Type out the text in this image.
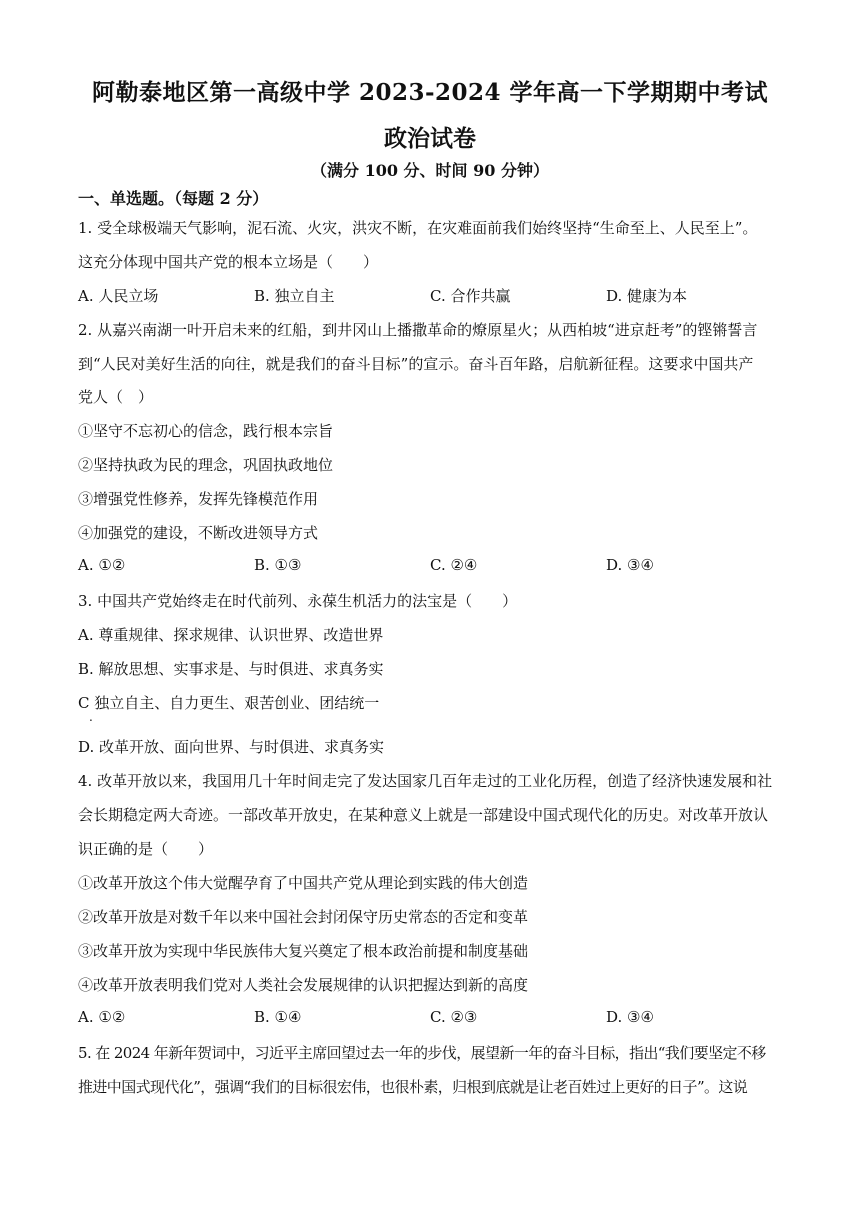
阿勒泰地区第一高级中学 2023-2024 学年高一下学期期中考试
政治试卷
（满分 100 分、时间 90 分钟）
一、单选题。（每题 2 分）
1. 受全球极端天气影响，泥石流、火灾，洪灾不断，在灾难面前我们始终坚持“生命至上、人民至上”。
这充分体现中国共产党的根本立场是（　　）
A. 人民立场	B. 独立自主	C. 合作共赢	D. 健康为本
2. 从嘉兴南湖一叶开启未来的红船，到井冈山上播撒革命的燎原星火；从西柏坡“进京赶考”的铿锵誓言
到“人民对美好生活的向往，就是我们的奋斗目标”的宣示。奋斗百年路，启航新征程。这要求中国共产
党人（　）
①坚守不忘初心的信念，践行根本宗旨
②坚持执政为民的理念，巩固执政地位
③增强党性修养，发挥先锋模范作用
④加强党的建设，不断改进领导方式
A. ①②	B. ①③	C. ②④	D. ③④
3. 中国共产党始终走在时代前列、永葆生机活力的法宝是（　　）
A. 尊重规律、探求规律、认识世界、改造世界
B. 解放思想、实事求是、与时俱进、求真务实
C 独立自主、自力更生、艰苦创业、团结统一
.
D. 改革开放、面向世界、与时俱进、求真务实
4. 改革开放以来，我国用几十年时间走完了发达国家几百年走过的工业化历程，创造了经济快速发展和社
会长期稳定两大奇迹。一部改革开放史，在某种意义上就是一部建设中国式现代化的历史。对改革开放认
识正确的是（　　）
①改革开放这个伟大觉醒孕育了中国共产党从理论到实践的伟大创造
②改革开放是对数千年以来中国社会封闭保守历史常态的否定和变革
③改革开放为实现中华民族伟大复兴奠定了根本政治前提和制度基础
④改革开放表明我们党对人类社会发展规律的认识把握达到新的高度
A. ①②	B. ①④	C. ②③	D. ③④
5. 在 2024 年新年贺词中，习近平主席回望过去一年的步伐，展望新一年的奋斗目标，指出“我们要坚定不移
推进中国式现代化”，强调“我们的目标很宏伟，也很朴素，归根到底就是让老百姓过上更好的日子”。这说
